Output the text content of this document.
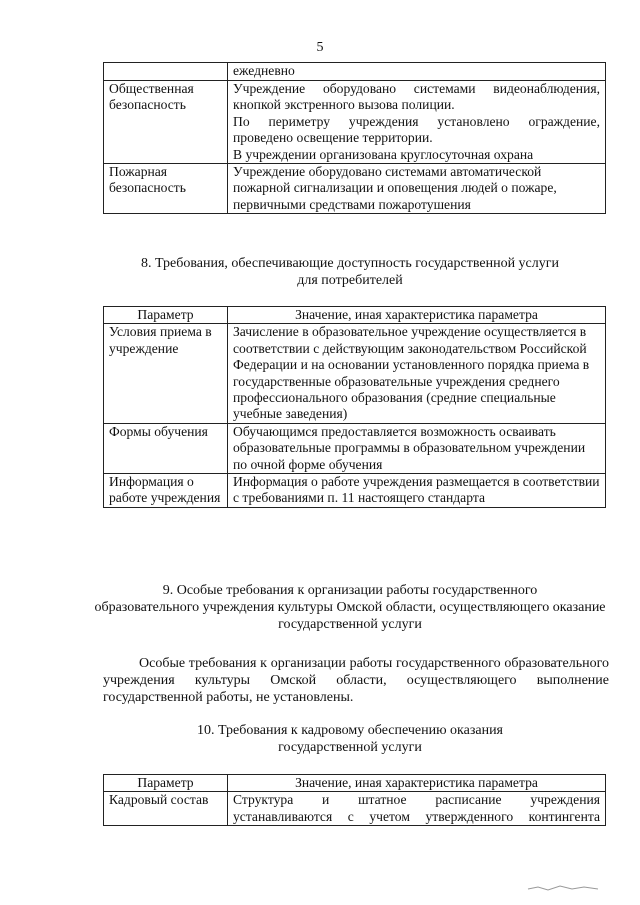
5

	ежедневно

Общественная безопасность	Учреждение оборудовано системами видеонаблюдения, кнопкой экстренного вызова полиции.
По периметру учреждения установлено ограждение, проведено освещение территории.
В учреждении организована круглосуточная охрана

Пожарная безопасность	Учреждение оборудовано системами автоматической пожарной сигнализации и оповещения людей о пожаре, первичными средствами пожаротушения
8. Требования, обеспечивающие доступность государственной услуги
для потребителей
Параметр	Значение, иная характеристика параметра
Условия приема в учреждение	Зачисление в образовательное учреждение осуществляется в соответствии с действующим законодательством Российской Федерации и на основании установленного порядка приема в государственные образовательные учреждения среднего профессионального образования (средние специальные учебные заведения)
Формы обучения	Обучающимся предоставляется возможность осваивать образовательные программы в образовательном учреждении по очной форме обучения
Информация о работе учреждения	Информация о работе учреждения размещается в соответствии с требованиями п. 11 настоящего стандарта
9. Особые требования к организации работы государственного
образовательного учреждения культуры Омской области, осуществляющего оказание
государственной услуги
Особые требования к организации работы государственного образовательного учреждения культуры Омской области, осуществляющего выполнение государственной работы, не установлены.
10. Требования к кадровому обеспечению оказания
государственной услуги
Параметр	Значение, иная характеристика параметра
Кадровый состав	Структура и штатное расписание учреждения устанавливаются с учетом утвержденного контингента
